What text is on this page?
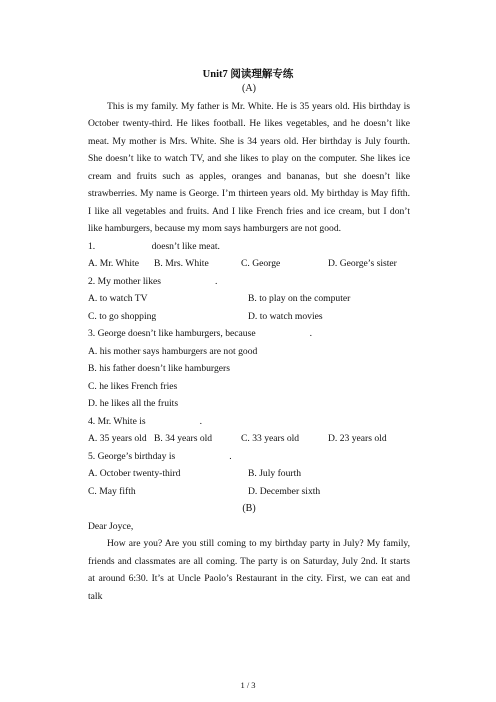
Unit7 阅读理解专练
(A)

This is my family. My father is Mr. White. He is 35 years old. His birthday is October twenty-third. He likes football. He likes vegetables, and he doesn’t like meat. My mother is Mrs. White. She is 34 years old. Her birthday is July fourth. She doesn’t like to watch TV, and she likes to play on the computer. She likes ice cream and fruits such as apples, oranges and bananas, but she doesn’t like strawberries. My name is George. I’m thirteen years old. My birthday is May fifth. I like all vegetables and fruits. And I like French fries and ice cream, but I don’t like hamburgers, because my mom says hamburgers are not good.

1.	doesn’t like meat.
A. Mr. White	B. Mrs. White	C. George	D. George’s sister
2. My mother likes	.
A. to watch TV	B. to play on the computer
C. to go shopping	D. to watch movies
3. George doesn’t like hamburgers, because	.
A. his mother says hamburgers are not good
B. his father doesn’t like hamburgers
C. he likes French fries
D. he likes all the fruits
4. Mr. White is	.
A. 35 years old B. 34 years old	C. 33 years old	D. 23 years old
5. George’s birthday is	.
A. October twenty-third	B. July fourth
C. May fifth	D. December sixth
(B)
Dear Joyce,

How are you? Are you still coming to my birthday party in July? My family, friends and classmates are all coming. The party is on Saturday, July 2nd. It starts at around 6:30. It’s at Uncle Paolo’s Restaurant in the city. First, we can eat and talk

1 / 3
